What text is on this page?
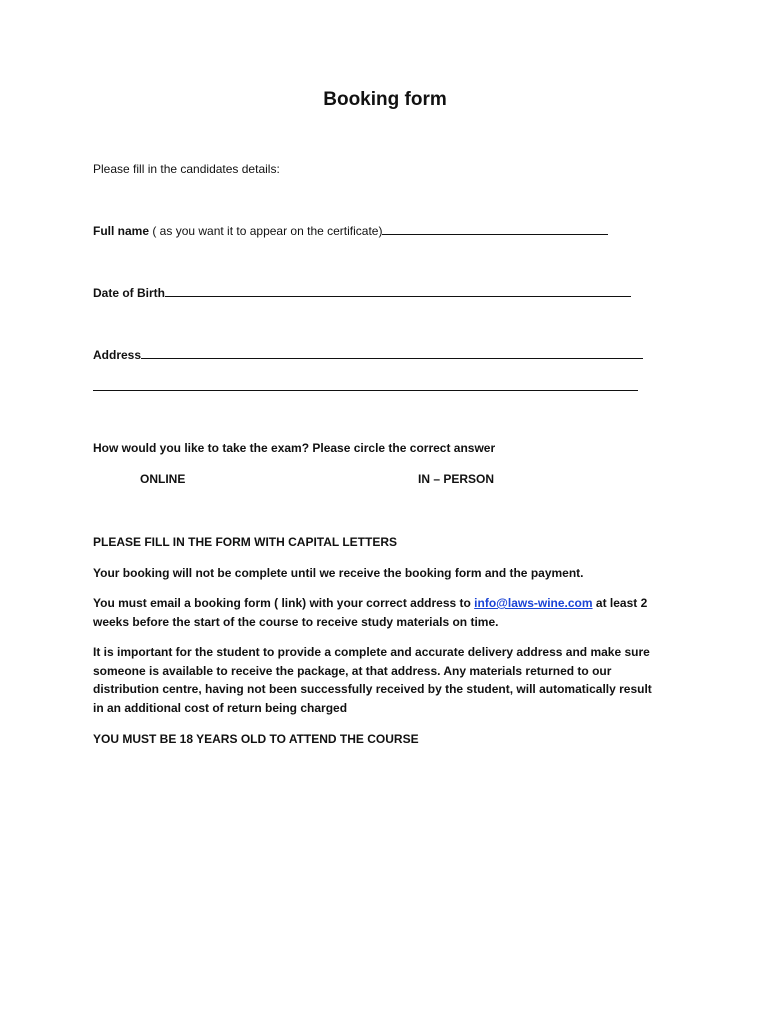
Booking form
Please fill in the candidates details:
Full name ( as you want it to appear on the certificate)
Date of Birth
Address
How would you like to take the exam? Please circle the correct answer
ONLINE	IN – PERSON
PLEASE FILL IN THE FORM WITH CAPITAL LETTERS
Your booking will not be complete until we receive the booking form and the payment.
You must email a booking form ( link) with your correct address to info@laws-wine.com at least 2
weeks before the start of the course to receive study materials on time.
It is important for the student to provide a complete and accurate delivery address and make sure
someone is available to receive the package, at that address. Any materials returned to our
distribution centre, having not been successfully received by the student, will automatically result
in an additional cost of return being charged
YOU MUST BE 18 YEARS OLD TO ATTEND THE COURSE
